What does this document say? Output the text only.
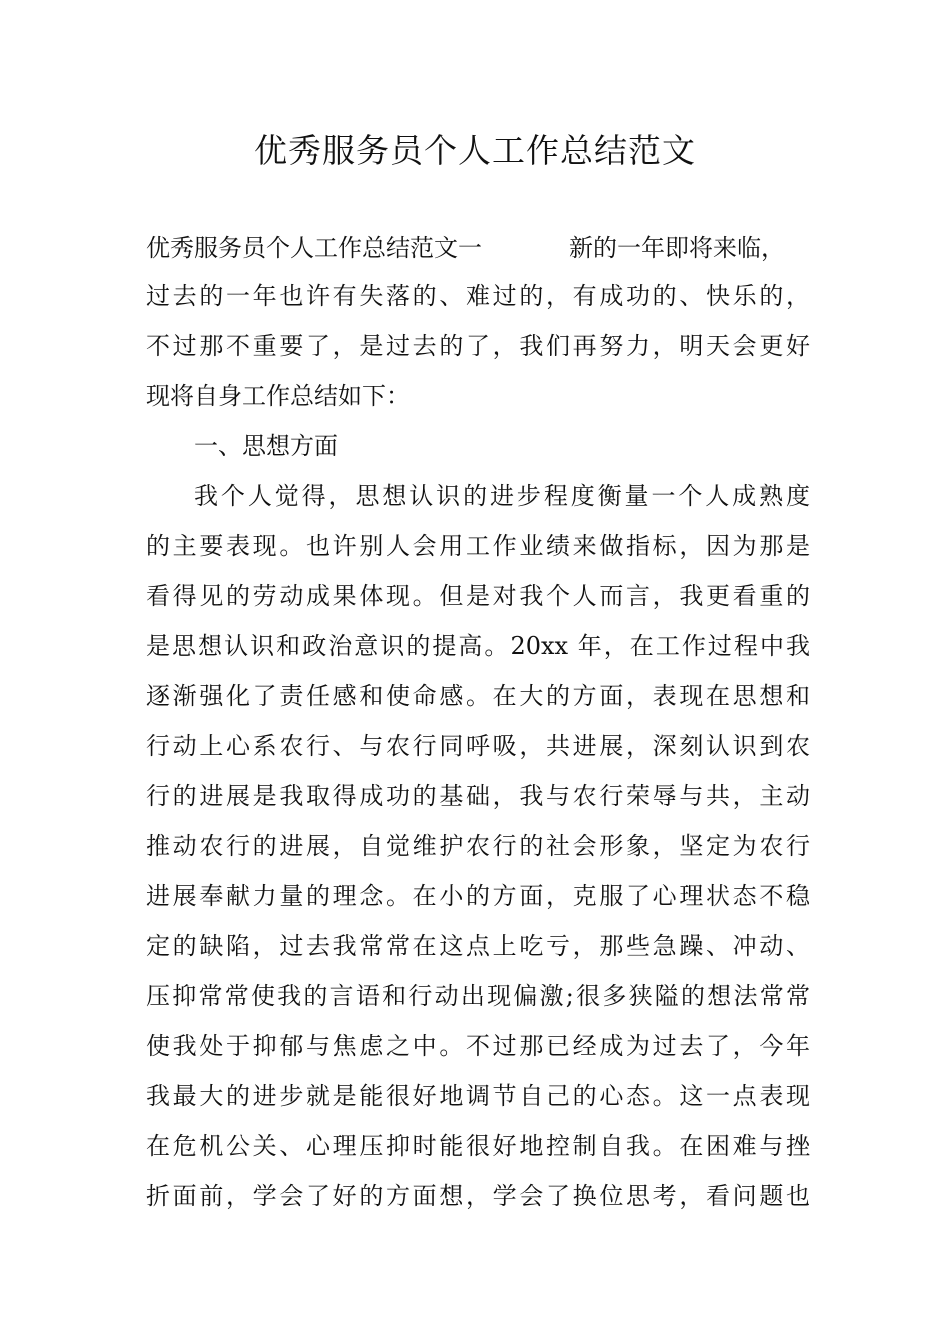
优秀服务员个人工作总结范文
优秀服务员个人工作总结范文一	新的一年即将来临，

过去的一年也许有失落的、难过的，有成功的、快乐的，

不过那不重要了，是过去的了，我们再努力，明天会更好

现将自身工作总结如下：

一、思想方面

我个人觉得，思想认识的进步程度衡量一个人成熟度

的主要表现。也许别人会用工作业绩来做指标，因为那是

看得见的劳动成果体现。但是对我个人而言，我更看重的

是思想认识和政治意识的提高。20xx 年，在工作过程中我

逐渐强化了责任感和使命感。在大的方面，表现在思想和

行动上心系农行、与农行同呼吸，共进展，深刻认识到农

行的进展是我取得成功的基础，我与农行荣辱与共，主动

推动农行的进展，自觉维护农行的社会形象，坚定为农行

进展奉献力量的理念。在小的方面，克服了心理状态不稳

定的缺陷，过去我常常在这点上吃亏，那些急躁、冲动、

压抑常常使我的言语和行动出现偏激;很多狭隘的想法常常

使我处于抑郁与焦虑之中。不过那已经成为过去了，今年

我最大的进步就是能很好地调节自己的心态。这一点表现

在危机公关、心理压抑时能很好地控制自我。在困难与挫

折面前，学会了好的方面想，学会了换位思考，看问题也
